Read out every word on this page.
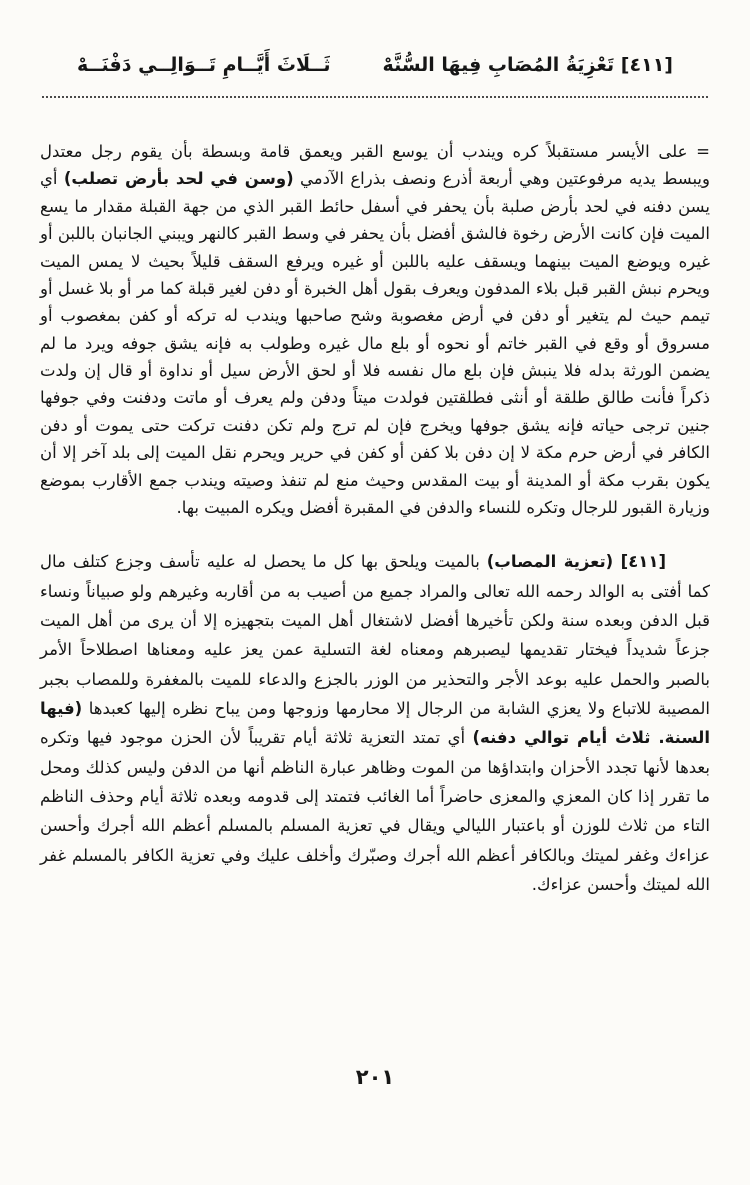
[٤١١] تَعْزِيَةُ المُصَابِ فِيهَا السُّنَّهْ
ثَــلَاثَ أَيَّــامِ تَــوَالِــي دَفْنَــهْ

= على الأيسر مستقبلاً كره ويندب أن يوسع القبر ويعمق قامة وبسطة بأن يقوم رجل معتدل ويبسط يديه مرفوعتين وهي أربعة أذرع ونصف بذراع الآدمي (وسن في لحد بأرض تصلب) أي يسن دفنه في لحد بأرض صلبة بأن يحفر في أسفل حائط القبر الذي من جهة القبلة مقدار ما يسع الميت فإن كانت الأرض رخوة فالشق أفضل بأن يحفر في وسط القبر كالنهر ويبني الجانبان باللبن أو غيره ويوضع الميت بينهما ويسقف عليه باللبن أو غيره ويرفع السقف قليلاً بحيث لا يمس الميت ويحرم نبش القبر قبل بلاء المدفون ويعرف بقول أهل الخبرة أو دفن لغير قبلة كما مر أو بلا غسل أو تيمم حيث لم يتغير أو دفن في أرض مغصوبة وشح صاحبها ويندب له تركه أو كفن بمغصوب أو مسروق أو وقع في القبر خاتم أو نحوه أو بلع مال غيره وطولب به فإنه يشق جوفه ويرد ما لم يضمن الورثة بدله فلا ينبش فإن بلع مال نفسه فلا أو لحق الأرض سيل أو نداوة أو قال إن ولدت ذكراً فأنت طالق طلقة أو أنثى فطلقتين فولدت ميتاً ودفن ولم يعرف أو ماتت ودفنت وفي جوفها جنين ترجى حياته فإنه يشق جوفها ويخرج فإن لم ترج ولم تكن دفنت تركت حتى يموت أو دفن الكافر في أرض حرم مكة لا إن دفن بلا كفن أو كفن في حرير ويحرم نقل الميت إلى بلد آخر إلا أن يكون بقرب مكة أو المدينة أو بيت المقدس وحيث منع لم تنفذ وصيته ويندب جمع الأقارب بموضع وزيارة القبور للرجال وتكره للنساء والدفن في المقبرة أفضل ويكره المبيت بها.

[٤١١] (تعزية المصاب) بالميت ويلحق بها كل ما يحصل له عليه تأسف وجزع كتلف مال كما أفتى به الوالد رحمه الله تعالى والمراد جميع من أصيب به من أقاربه وغيرهم ولو صبياناً ونساء قبل الدفن وبعده سنة ولكن تأخيرها أفضل لاشتغال أهل الميت بتجهيزه إلا أن يرى من أهل الميت جزعاً شديداً فيختار تقديمها ليصبرهم ومعناه لغة التسلية عمن يعز عليه ومعناها اصطلاحاً الأمر بالصبر والحمل عليه بوعد الأجر والتحذير من الوزر بالجزع والدعاء للميت بالمغفرة وللمصاب بجبر المصيبة للاتباع ولا يعزي الشابة من الرجال إلا محارمها وزوجها ومن يباح نظره إليها كعبدها (فيها السنة. ثلاث أيام توالي دفنه) أي تمتد التعزية ثلاثة أيام تقريباً لأن الحزن موجود فيها وتكره بعدها لأنها تجدد الأحزان وابتداؤها من الموت وظاهر عبارة الناظم أنها من الدفن وليس كذلك ومحل ما تقرر إذا كان المعزي والمعزى حاضراً أما الغائب فتمتد إلى قدومه وبعده ثلاثة أيام وحذف الناظم التاء من ثلاث للوزن أو باعتبار الليالي ويقال في تعزية المسلم بالمسلم أعظم الله أجرك وأحسن عزاءك وغفر لميتك وبالكافر أعظم الله أجرك وصبّرك وأخلف عليك وفي تعزية الكافر بالمسلم غفر الله لميتك وأحسن عزاءك.

٢٠١
